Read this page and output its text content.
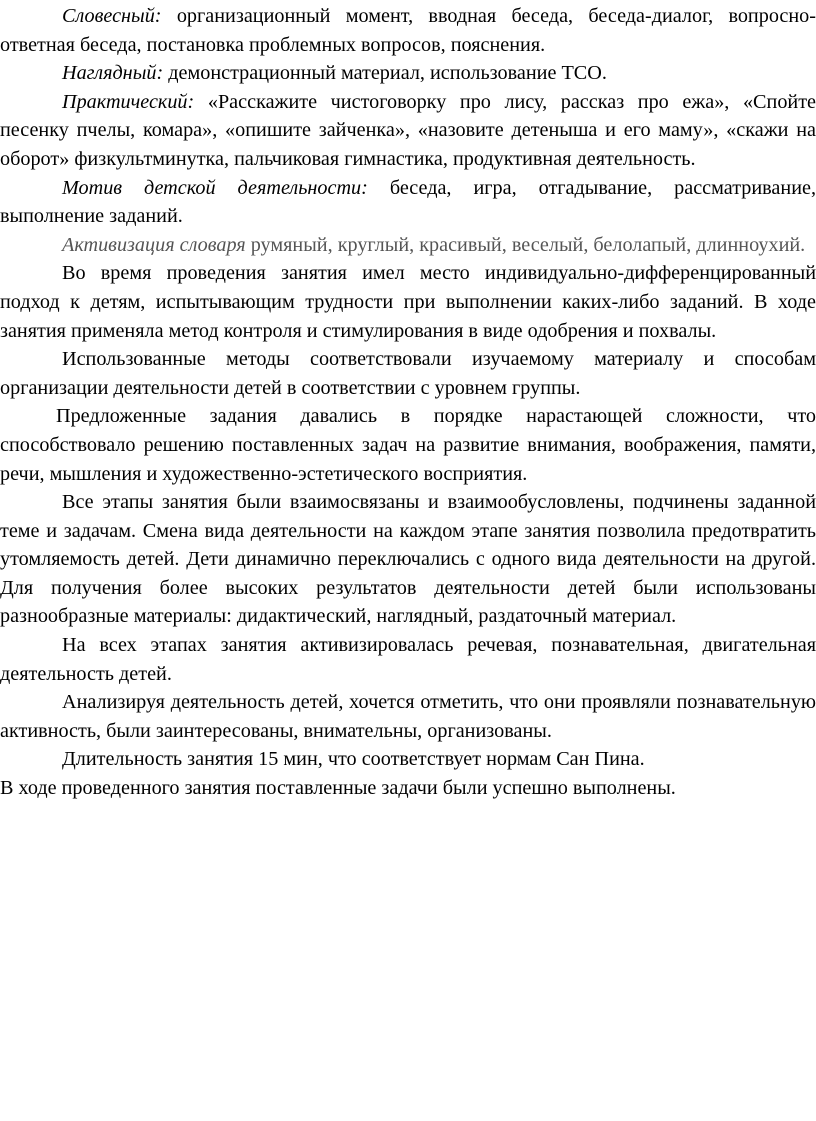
Словесный: организационный момент, вводная беседа, беседа-диалог, вопросно-ответная беседа, постановка проблемных вопросов, пояснения.

Наглядный: демонстрационный материал, использование ТСО.

Практический: «Расскажите чистоговорку про лису, рассказ про ежа», «Спойте песенку пчелы, комара», «опишите зайченка», «назовите детеныша и его маму», «скажи на оборот» физкультминутка, пальчиковая гимнастика, продуктивная деятельность.

Мотив детской деятельности: беседа, игра, отгадывание, рассматривание, выполнение заданий.

Активизация словаря румяный, круглый, красивый, веселый, белолапый, длинноухий.

Во время проведения занятия имел место индивидуально-дифференцированный подход к детям, испытывающим трудности при выполнении каких-либо заданий. В ходе занятия применяла метод контроля и стимулирования в виде одобрения и похвалы.

Использованные методы соответствовали изучаемому материалу и способам организации деятельности детей в соответствии с уровнем группы.

Предложенные задания давались в порядке нарастающей сложности, что способствовало решению поставленных задач на развитие внимания, воображения, памяти, речи, мышления и художественно-эстетического восприятия.

Все этапы занятия были взаимосвязаны и взаимообусловлены, подчинены заданной теме и задачам. Смена вида деятельности на каждом этапе занятия позволила предотвратить утомляемость детей. Дети динамично переключались с одного вида деятельности на другой. Для получения более высоких результатов деятельности детей были использованы разнообразные материалы: дидактический, наглядный, раздаточный материал.

На всех этапах занятия активизировалась речевая, познавательная, двигательная деятельность детей.

Анализируя деятельность детей, хочется отметить, что они проявляли познавательную активность, были заинтересованы, внимательны, организованы.

Длительность занятия 15 мин, что соответствует нормам Сан Пина.

В ходе проведенного занятия поставленные задачи были успешно выполнены.
